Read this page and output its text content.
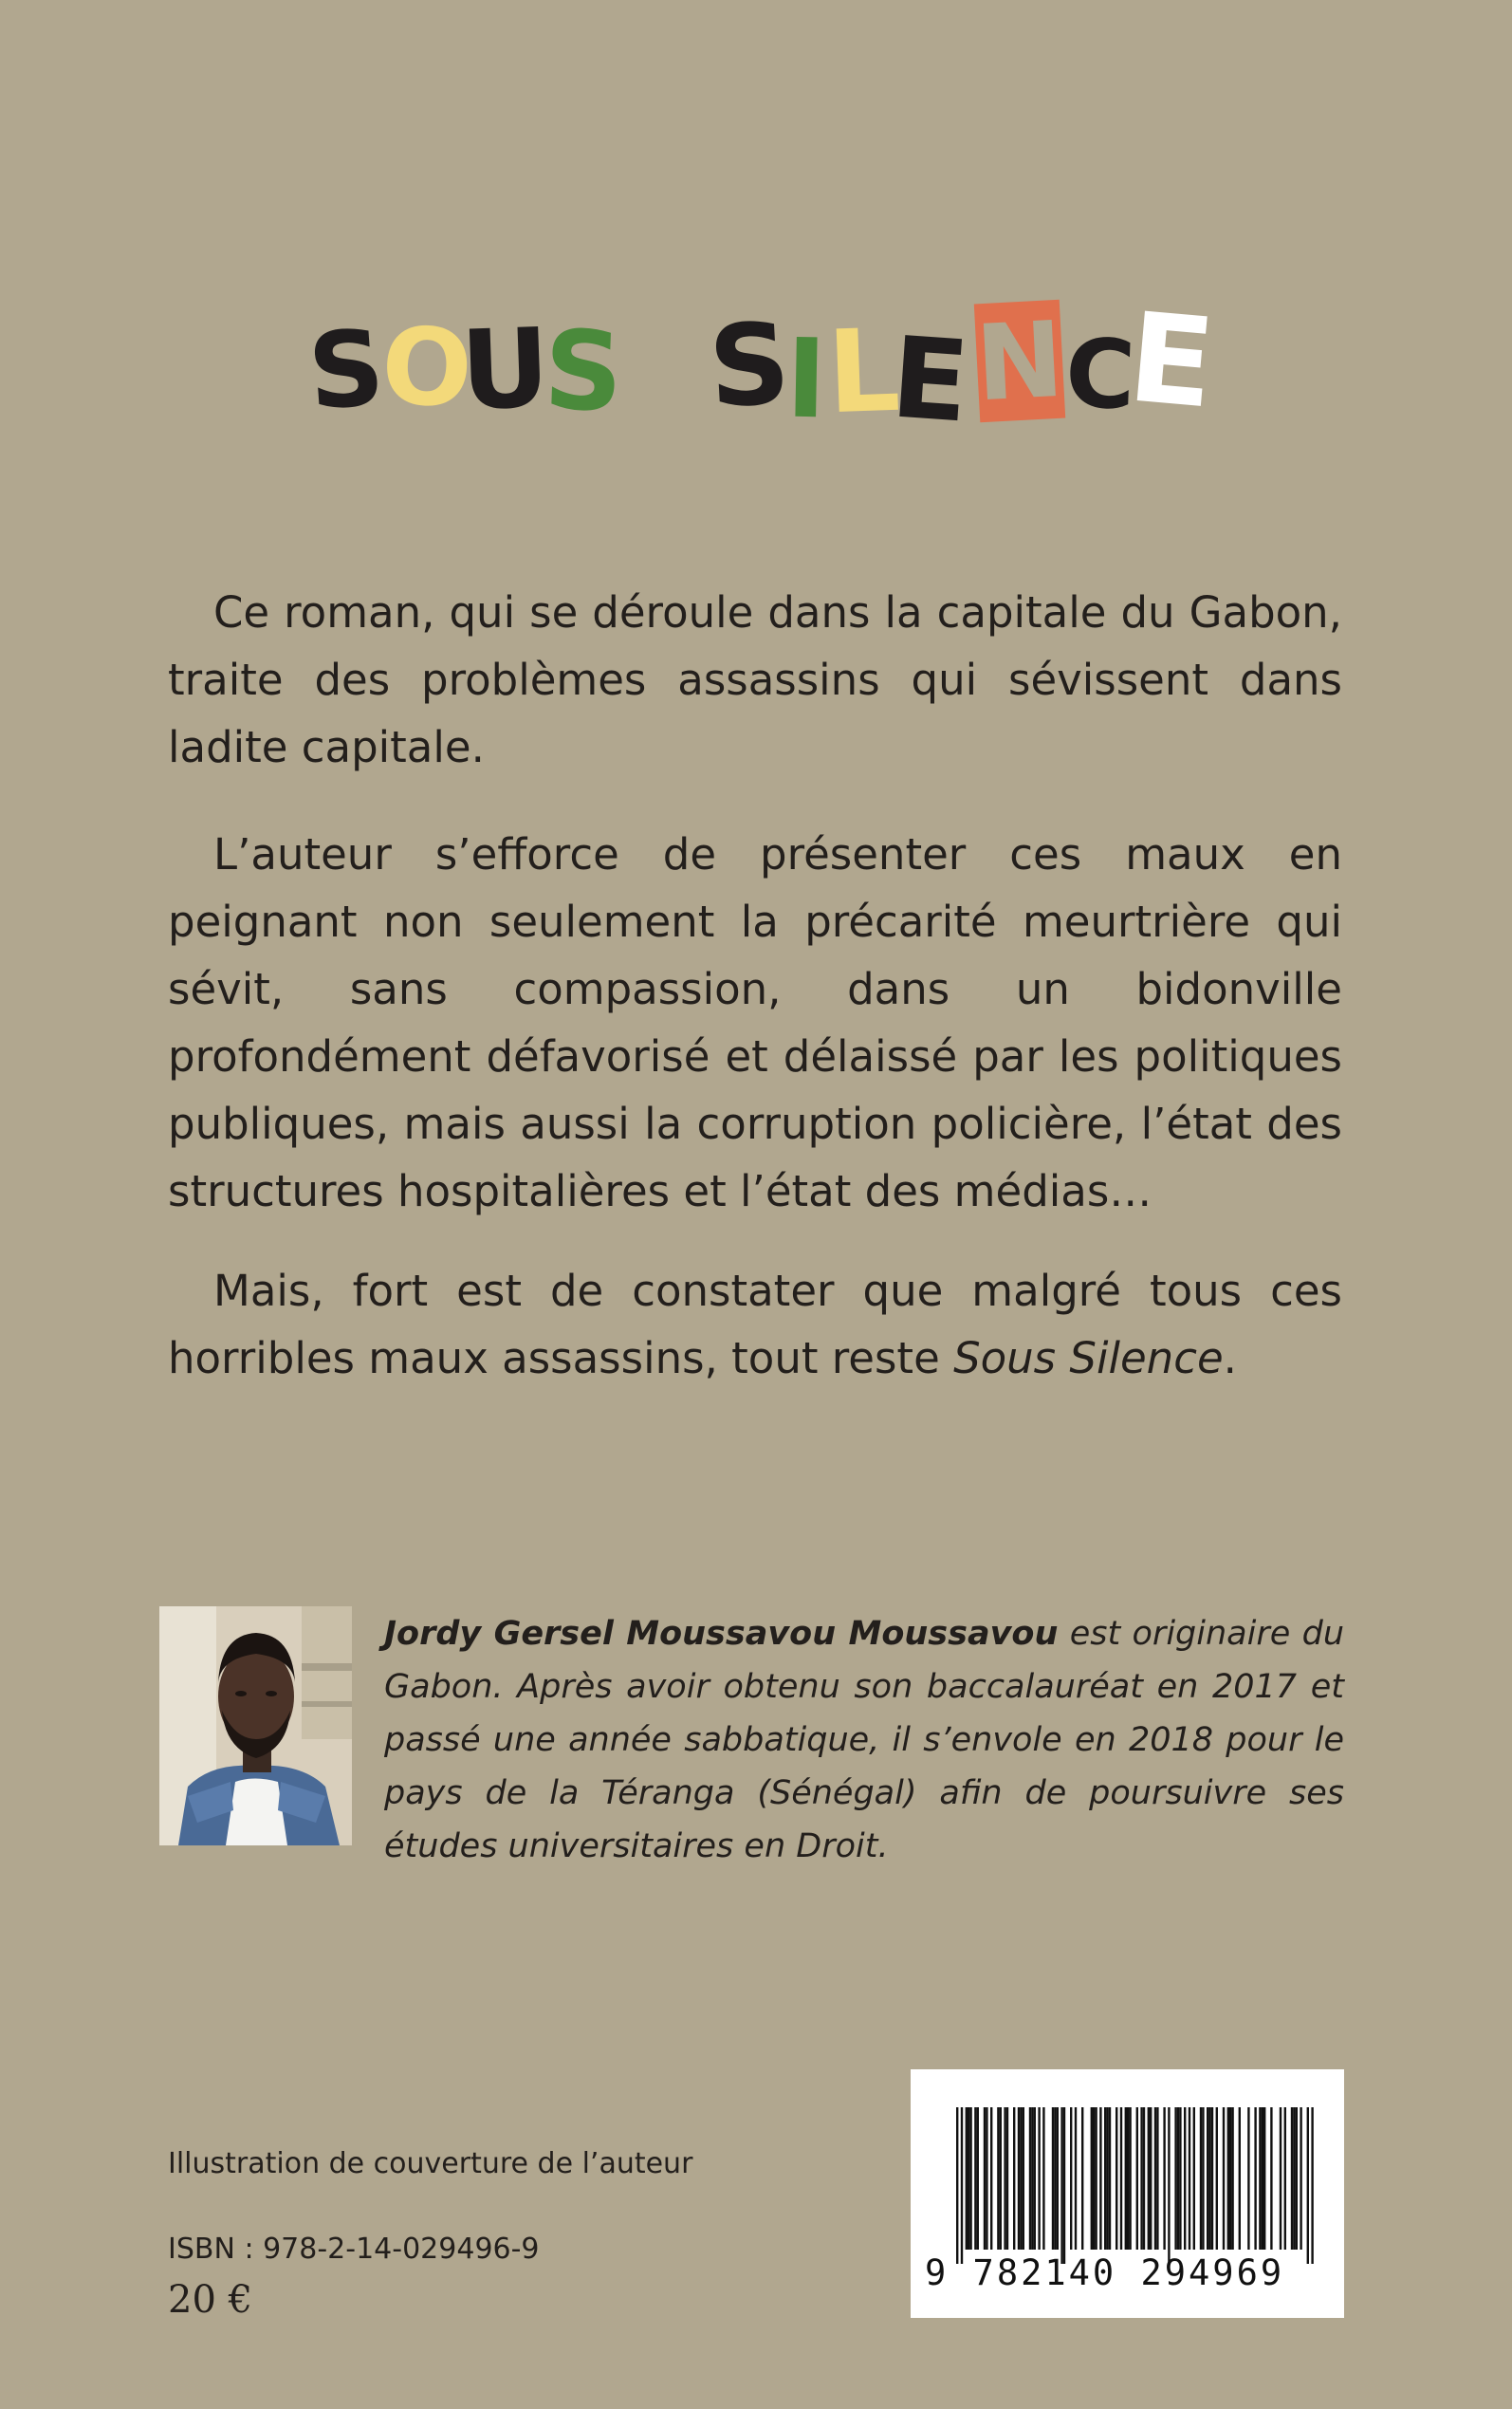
S
O
U
S S
I
L
E N
C
E

Ce roman, qui se déroule dans la capitale du Gabon, traite des problèmes assassins qui sévissent dans ladite capitale.

L’auteur s’efforce de présenter ces maux en peignant non seulement la précarité meurtrière qui sévit, sans compassion, dans un bidonville profondément défavorisé et délaissé par les politiques publiques, mais aussi la corruption policière, l’état des structures hospitalières et l’état des médias…

Mais, fort est de constater que malgré tous ces horribles maux assassins, tout reste Sous Silence.

Jordy Gersel Moussavou Moussavou est originaire du Gabon. Après avoir obtenu son baccalauréat en 2017 et passé une année sabbatique, il s’envole en 2018 pour le pays de la Téranga (Sénégal) afin de poursuivre ses études universitaires en Droit.

Illustration de couverture de l’auteur

ISBN : 978-2-14-029496-9

20 €

9 782140 294969
